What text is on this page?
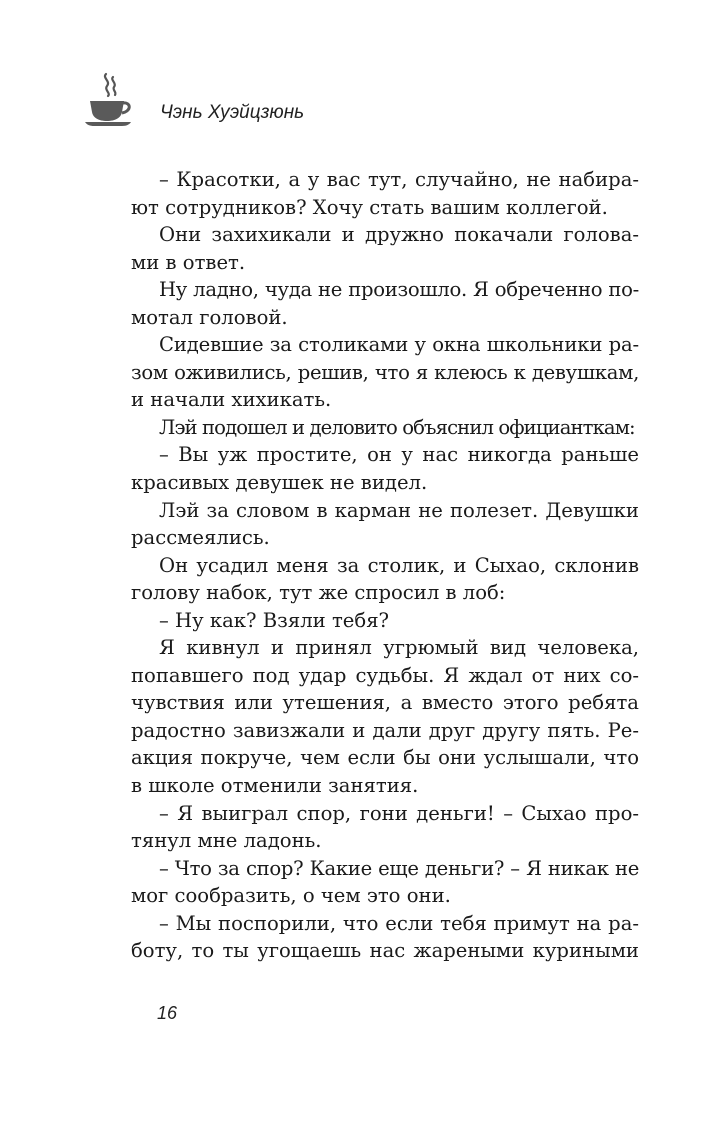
Чэнь Хуэйцзюнь
– Красотки, а у вас тут, случайно, не набира-
ют сотрудников? Хочу стать вашим коллегой.
Они захихикали и дружно покачали голова-
ми в ответ.
Ну ладно, чуда не произошло. Я обреченно по-
мотал головой.
Сидевшие за столиками у окна школьники ра-
зом оживились, решив, что я клеюсь к девушкам,
и начали хихикать.
Лэй подошел и деловито объяснил официанткам:
– Вы уж простите, он у нас никогда раньше
красивых девушек не видел.
Лэй за словом в карман не полезет. Девушки
рассмеялись.
Он усадил меня за столик, и Сыхао, склонив
голову набок, тут же спросил в лоб:
– Ну как? Взяли тебя?
Я кивнул и принял угрюмый вид человека,
попавшего под удар судьбы. Я ждал от них со-
чувствия или утешения, а вместо этого ребята
радостно завизжали и дали друг другу пять. Ре-
акция покруче, чем если бы они услышали, что
в школе отменили занятия.
– Я выиграл спор, гони деньги! – Сыхао про-
тянул мне ладонь.
– Что за спор? Какие еще деньги? – Я никак не
мог сообразить, о чем это они.
– Мы поспорили, что если тебя примут на ра-
боту, то ты угощаешь нас жареными куриными
16
